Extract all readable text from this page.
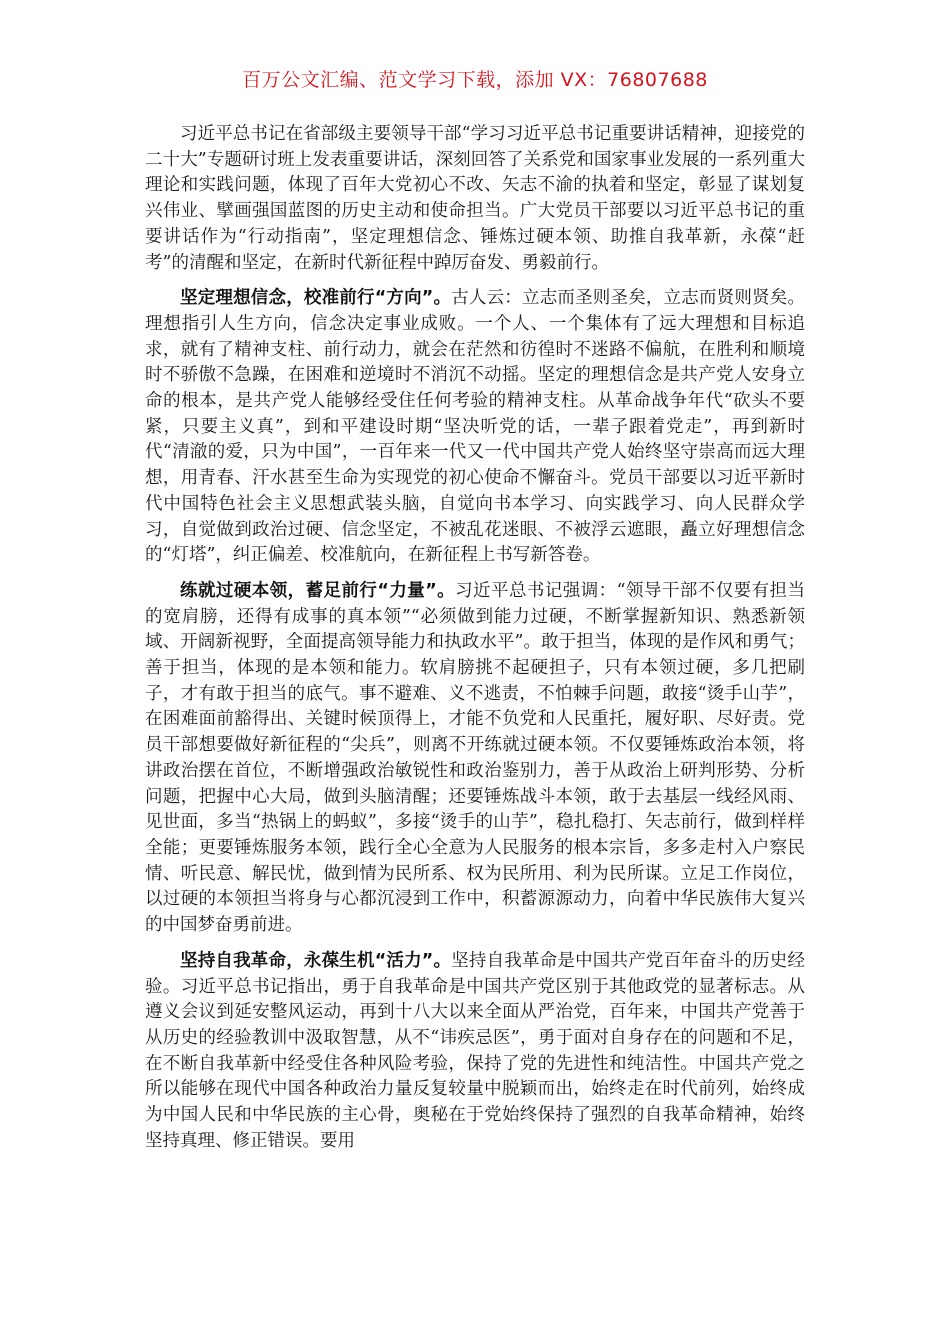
百万公文汇编、范文学习下载，添加 VX：76807688

习近平总书记在省部级主要领导干部“学习习近平总书记重要讲话精神，迎接党的二十大”专题研讨班上发表重要讲话，深刻回答了关系党和国家事业发展的一系列重大理论和实践问题，体现了百年大党初心不改、矢志不渝的执着和坚定，彰显了谋划复兴伟业、擘画强国蓝图的历史主动和使命担当。广大党员干部要以习近平总书记的重要讲话作为“行动指南”，坚定理想信念、锤炼过硬本领、助推自我革新，永葆“赶考”的清醒和坚定，在新时代新征程中踔厉奋发、勇毅前行。

坚定理想信念，校准前行“方向”。古人云：立志而圣则圣矣，立志而贤则贤矣。理想指引人生方向，信念决定事业成败。一个人、一个集体有了远大理想和目标追求，就有了精神支柱、前行动力，就会在茫然和彷徨时不迷路不偏航，在胜利和顺境时不骄傲不急躁，在困难和逆境时不消沉不动摇。坚定的理想信念是共产党人安身立命的根本，是共产党人能够经受住任何考验的精神支柱。从革命战争年代“砍头不要紧，只要主义真”，到和平建设时期“坚决听党的话，一辈子跟着党走”，再到新时代“清澈的爱，只为中国”，一百年来一代又一代中国共产党人始终坚守崇高而远大理想，用青春、汗水甚至生命为实现党的初心使命不懈奋斗。党员干部要以习近平新时代中国特色社会主义思想武装头脑，自觉向书本学习、向实践学习、向人民群众学习，自觉做到政治过硬、信念坚定，不被乱花迷眼、不被浮云遮眼，矗立好理想信念的“灯塔”，纠正偏差、校准航向，在新征程上书写新答卷。

练就过硬本领，蓄足前行“力量”。习近平总书记强调：“领导干部不仅要有担当的宽肩膀，还得有成事的真本领”“必须做到能力过硬，不断掌握新知识、熟悉新领域、开阔新视野，全面提高领导能力和执政水平”。敢于担当，体现的是作风和勇气；善于担当，体现的是本领和能力。软肩膀挑不起硬担子，只有本领过硬，多几把刷子，才有敢于担当的底气。事不避难、义不逃责，不怕棘手问题，敢接“烫手山芋”，在困难面前豁得出、关键时候顶得上，才能不负党和人民重托，履好职、尽好责。党员干部想要做好新征程的“尖兵”，则离不开练就过硬本领。不仅要锤炼政治本领，将讲政治摆在首位，不断增强政治敏锐性和政治鉴别力，善于从政治上研判形势、分析问题，把握中心大局，做到头脑清醒；还要锤炼战斗本领，敢于去基层一线经风雨、见世面，多当“热锅上的蚂蚁”，多接“烫手的山芋”，稳扎稳打、矢志前行，做到样样全能；更要锤炼服务本领，践行全心全意为人民服务的根本宗旨，多多走村入户察民情、听民意、解民忧，做到情为民所系、权为民所用、利为民所谋。立足工作岗位，以过硬的本领担当将身与心都沉浸到工作中，积蓄源源动力，向着中华民族伟大复兴的中国梦奋勇前进。

坚持自我革命，永葆生机“活力”。坚持自我革命是中国共产党百年奋斗的历史经验。习近平总书记指出，勇于自我革命是中国共产党区别于其他政党的显著标志。从遵义会议到延安整风运动，再到十八大以来全面从严治党，百年来，中国共产党善于从历史的经验教训中汲取智慧，从不“讳疾忌医”，勇于面对自身存在的问题和不足，在不断自我革新中经受住各种风险考验，保持了党的先进性和纯洁性。中国共产党之所以能够在现代中国各种政治力量反复较量中脱颖而出，始终走在时代前列，始终成为中国人民和中华民族的主心骨，奥秘在于党始终保持了强烈的自我革命精神，始终坚持真理、修正错误。要用
